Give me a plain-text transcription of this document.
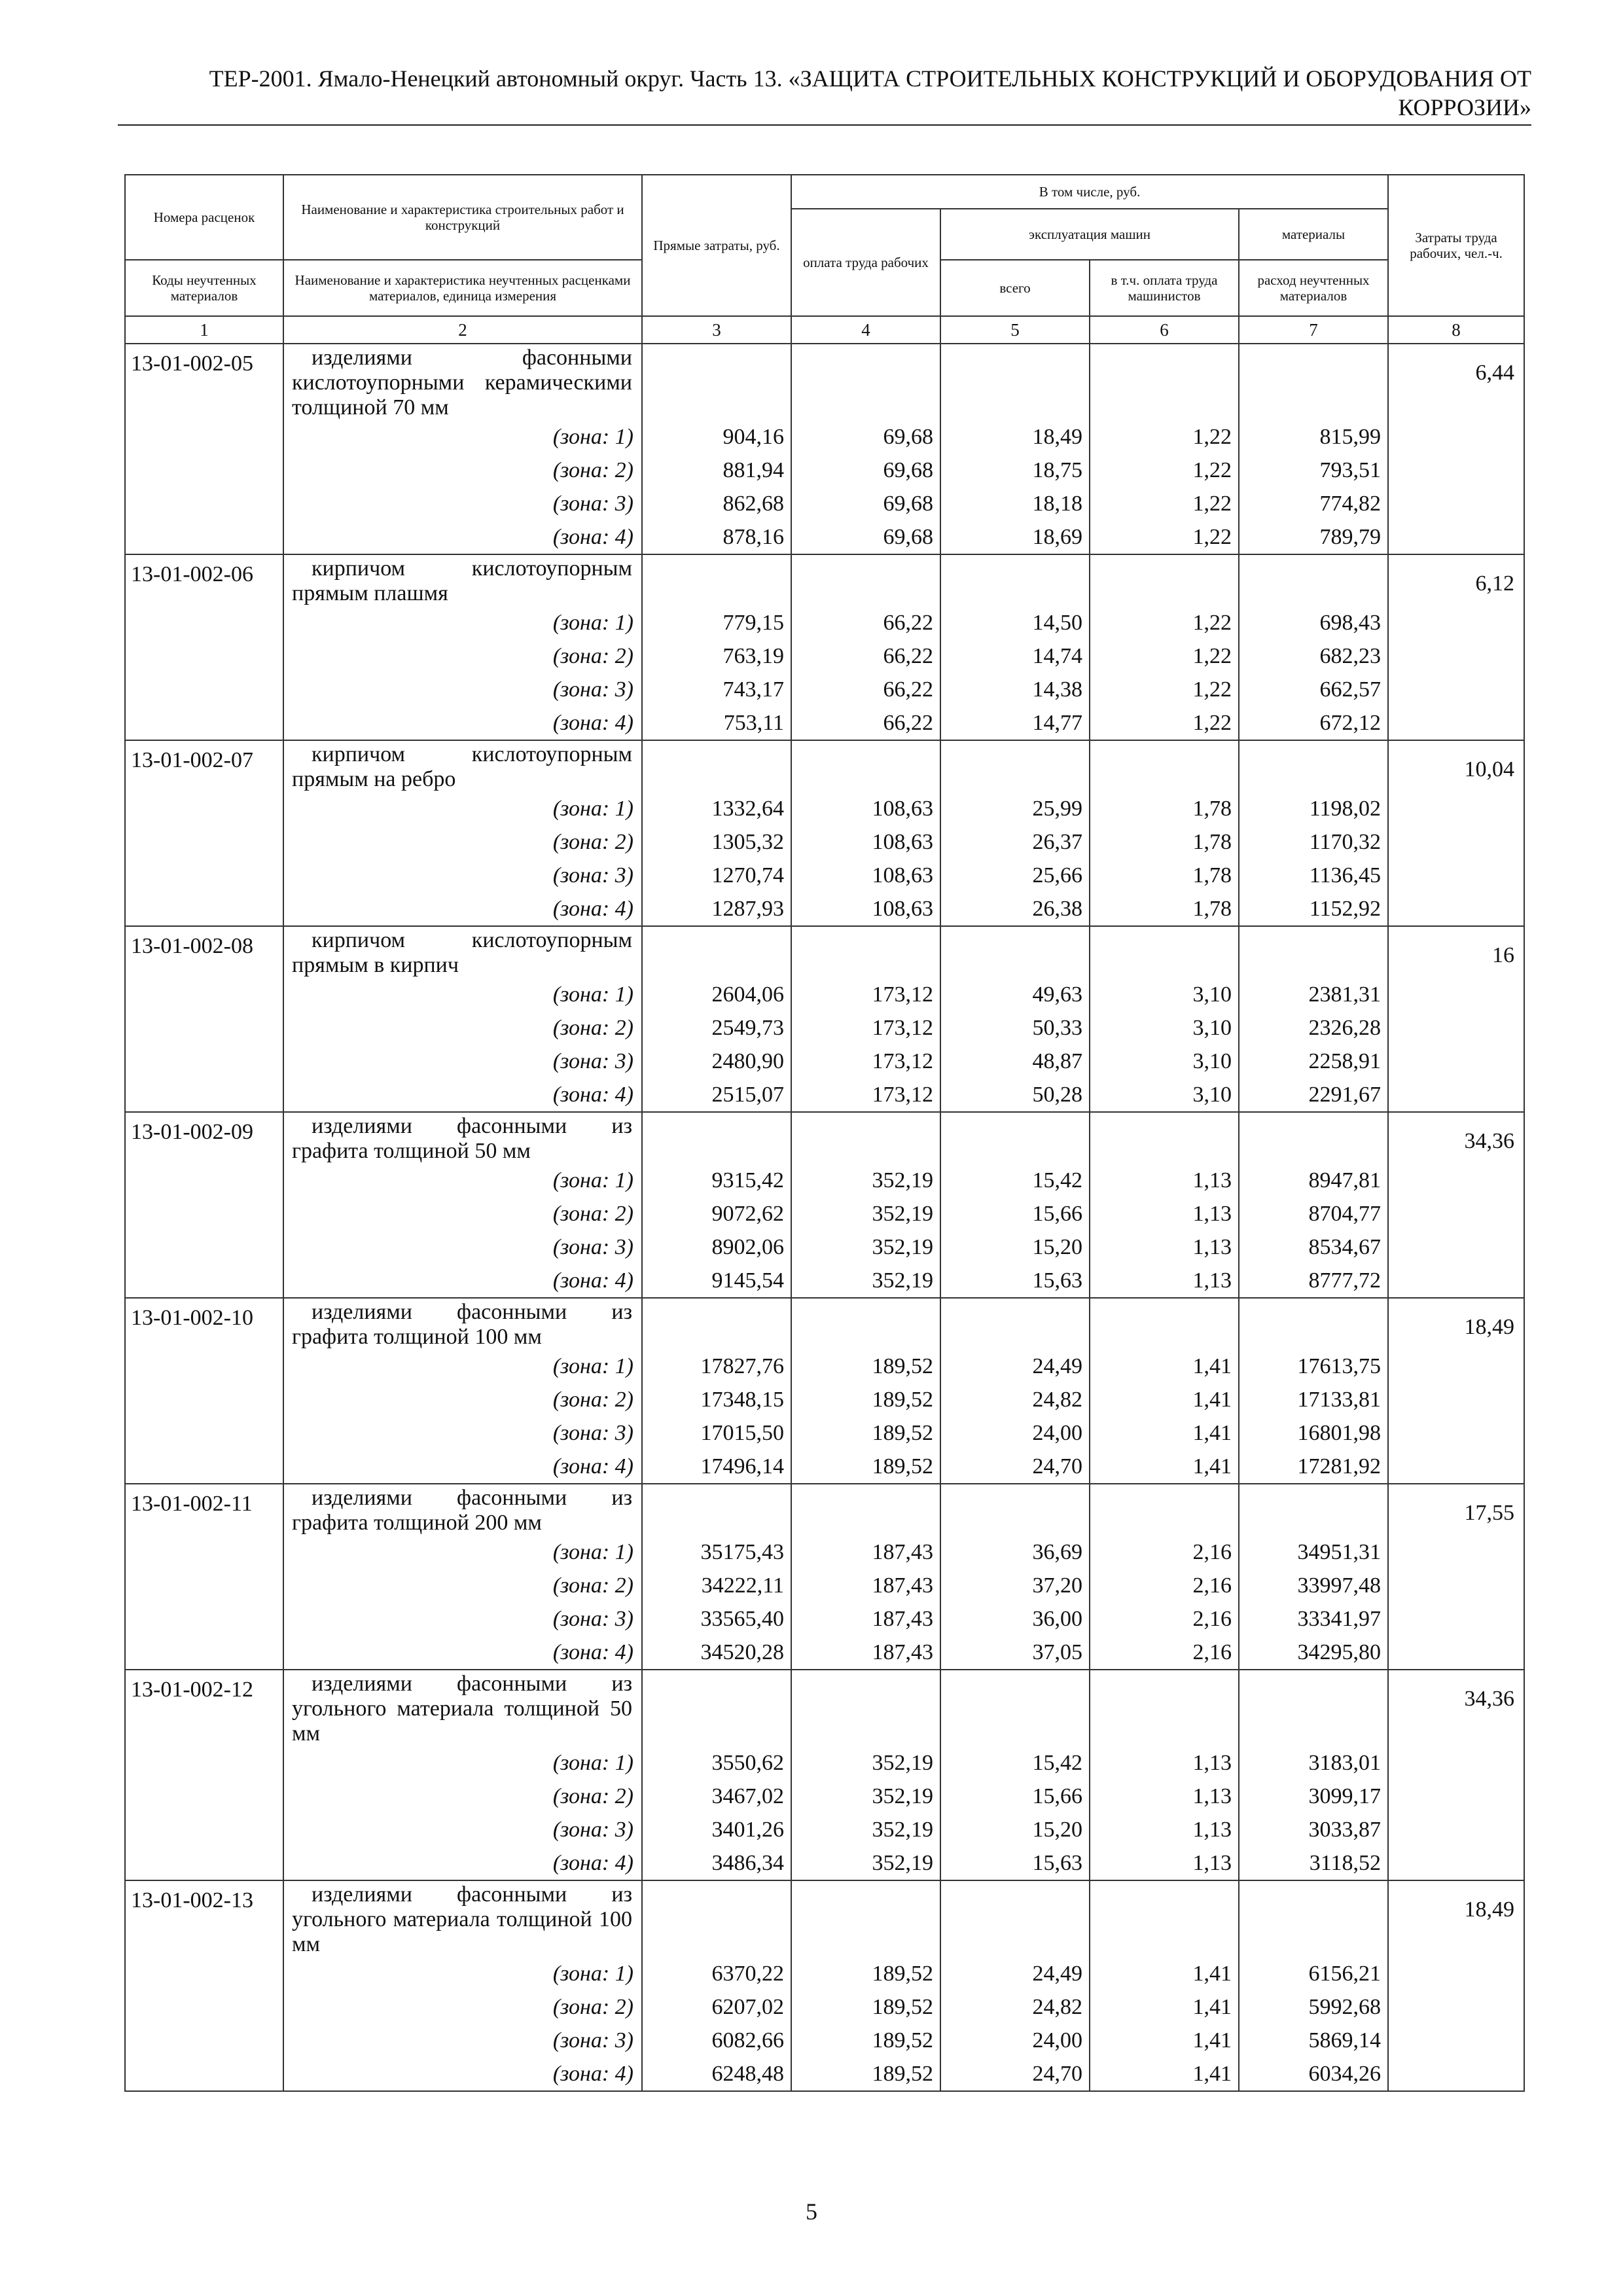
ТЕР-2001. Ямало-Ненецкий автономный округ. Часть 13. «ЗАЩИТА СТРОИТЕЛЬНЫХ КОНСТРУКЦИЙ И ОБОРУДОВАНИЯ ОТ
КОРРОЗИИ»
Номера расценок	Наименование и характеристика строительных работ и конструкций	Прямые затраты, руб.	В том числе, руб.				Затраты труда рабочих, чел.-ч.
			оплата труда рабочих	эксплуатация машин		материалы	
Коды неучтенных материалов	Наименование и характеристика неучтенных расценками материалов, единица измерения			всего	в т.ч. оплата труда машинистов	расход неучтенных материалов	
1	2	3	4	5	6	7	8
13-01-002-05	изделиями фасонными кислотоупорными керамическими толщиной 70 мм						6,44
	(зона: 1)	904,16	69,68	18,49	1,22	815,99	
	(зона: 2)	881,94	69,68	18,75	1,22	793,51	
	(зона: 3)	862,68	69,68	18,18	1,22	774,82	
	(зона: 4)	878,16	69,68	18,69	1,22	789,79	
13-01-002-06	кирпичом кислотоупорным прямым плашмя						6,12
	(зона: 1)	779,15	66,22	14,50	1,22	698,43	
	(зона: 2)	763,19	66,22	14,74	1,22	682,23	
	(зона: 3)	743,17	66,22	14,38	1,22	662,57	
	(зона: 4)	753,11	66,22	14,77	1,22	672,12	
13-01-002-07	кирпичом кислотоупорным прямым на ребро						10,04
	(зона: 1)	1332,64	108,63	25,99	1,78	1198,02	
	(зона: 2)	1305,32	108,63	26,37	1,78	1170,32	
	(зона: 3)	1270,74	108,63	25,66	1,78	1136,45	
	(зона: 4)	1287,93	108,63	26,38	1,78	1152,92	
13-01-002-08	кирпичом кислотоупорным прямым в кирпич						16
	(зона: 1)	2604,06	173,12	49,63	3,10	2381,31	
	(зона: 2)	2549,73	173,12	50,33	3,10	2326,28	
	(зона: 3)	2480,90	173,12	48,87	3,10	2258,91	
	(зона: 4)	2515,07	173,12	50,28	3,10	2291,67	
13-01-002-09	изделиями фасонными из графита толщиной 50 мм						34,36
	(зона: 1)	9315,42	352,19	15,42	1,13	8947,81	
	(зона: 2)	9072,62	352,19	15,66	1,13	8704,77	
	(зона: 3)	8902,06	352,19	15,20	1,13	8534,67	
	(зона: 4)	9145,54	352,19	15,63	1,13	8777,72	
13-01-002-10	изделиями фасонными из графита толщиной 100 мм						18,49
	(зона: 1)	17827,76	189,52	24,49	1,41	17613,75	
	(зона: 2)	17348,15	189,52	24,82	1,41	17133,81	
	(зона: 3)	17015,50	189,52	24,00	1,41	16801,98	
	(зона: 4)	17496,14	189,52	24,70	1,41	17281,92	
13-01-002-11	изделиями фасонными из графита толщиной 200 мм						17,55
	(зона: 1)	35175,43	187,43	36,69	2,16	34951,31	
	(зона: 2)	34222,11	187,43	37,20	2,16	33997,48	
	(зона: 3)	33565,40	187,43	36,00	2,16	33341,97	
	(зона: 4)	34520,28	187,43	37,05	2,16	34295,80	
13-01-002-12	изделиями фасонными из угольного материала толщиной 50 мм						34,36
	(зона: 1)	3550,62	352,19	15,42	1,13	3183,01	
	(зона: 2)	3467,02	352,19	15,66	1,13	3099,17	
	(зона: 3)	3401,26	352,19	15,20	1,13	3033,87	
	(зона: 4)	3486,34	352,19	15,63	1,13	3118,52	
13-01-002-13	изделиями фасонными из угольного материала толщиной 100 мм						18,49
	(зона: 1)	6370,22	189,52	24,49	1,41	6156,21	
	(зона: 2)	6207,02	189,52	24,82	1,41	5992,68	
	(зона: 3)	6082,66	189,52	24,00	1,41	5869,14	
	(зона: 4)	6248,48	189,52	24,70	1,41	6034,26	
5
